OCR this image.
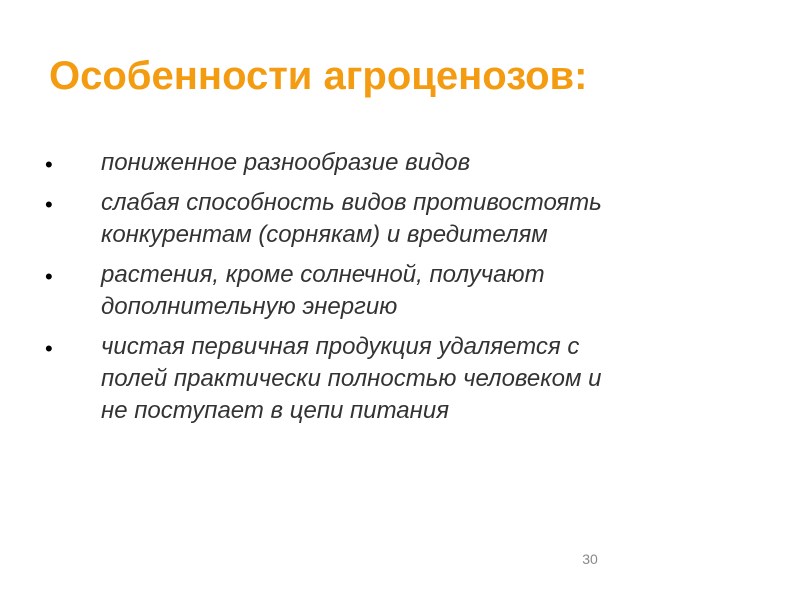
Особенности агроценозов:
• пониженное разнообразие видов
• слабая способность видов противостоять
конкурентам (сорнякам) и вредителям
• растения, кроме солнечной, получают
дополнительную энергию
• чистая первичная продукция удаляется с
полей практически полностью человеком и
не поступает в цепи питания
30
